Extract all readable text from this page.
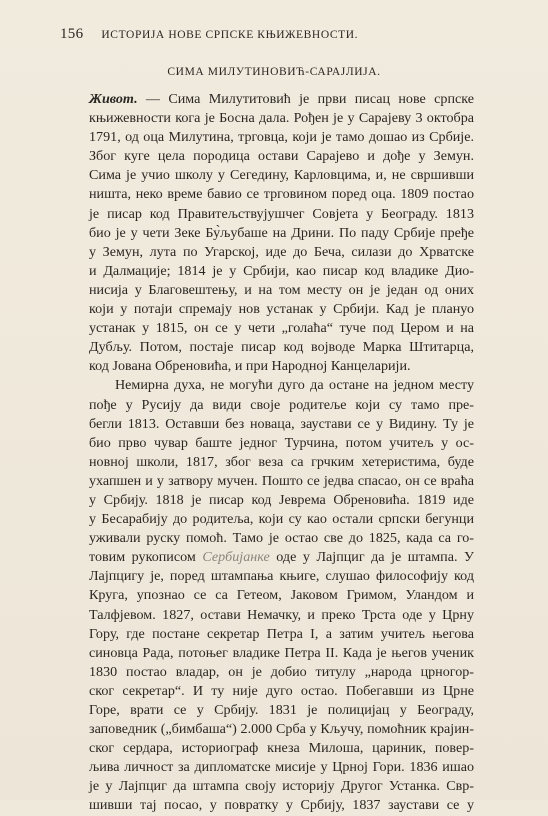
156 ИСТОРИЈА НОВЕ СРПСКЕ КЊИЖЕВНОСТИ.
СИМА МИЛУТИНОВИЋ-САРАЈЛИЈА.
Живот. — Сима Милутитовић је први писац нове српске
књижевности кога је Босна дала. Рођен је у Сарајеву 3 октобра
1791, од оца Милутина, трговца, који је тамо дошао из Србије.
Због куге цела породица остави Сарајево и дође у Земун.
Сима је учио школу у Сегедину, Карловцима, и, не свршивши
ништа, неко време бавио се трговином поред оца. 1809 постао
је писар код Правитељствујушчег Совјета у Београду. 1813
био је у чети Зеке Бу̀љубаше на Дрини. По паду Србије пређе
у Земун, лута по Угарској, иде до Беча, силази до Хрватске
и Далмације; 1814 је у Србији, као писар код владике Дио-
нисија у Благовештењу, и на том месту он је један од оних
који у потаји спремају нов устанак у Србији. Кад је плануо
устанак у 1815, он се у чети „голаћа“ туче под Цером и на
Дубљу. Потом, постаје писар код војводе Марка Штитарца,
код Јована Обреновића, и при Народној Канцеларији.
Немирна духа, не могући дуго да остане на једном месту
пође у Русију да види своје родитеље који су тамо пре-
бегли 1813. Оставши без новаца, заустави се у Видину. Ту је
био прво чувар баште једног Турчина, потом учитељ у ос-
новној школи, 1817, због веза са грчким хетеристима, буде
ухапшен и у затвору мучен. Пошто се једва спасао, он се враћа
у Србију. 1818 је писар код Јеврема Обреновића. 1819 иде
у Бесарабију до родитеља, који су као остали српски бегунци
уживали руску помоћ. Тамо је остао све до 1825, када са го-
товим рукописом Сербијанке оде у Лајпциг да је штампа. У
Лајпцигу је, поред штампања књиге, слушао философију код
Круга, упознао се са Гетеом, Јаковом Гримом, Уландом и
Талфјевом. 1827, остави Немачку, и преко Трста оде у Црну
Гору, где постане секретар Петра I, а затим учитељ његова
синовца Рада, потоњег владике Петра II. Када је његов ученик
1830 постао владар, он је добио титулу „народа црногор-
ског секретар“. И ту није дуго остао. Побегавши из Црне
Горе, врати се у Србију. 1831 је полицијац у Београду,
заповедник („бимбаша“) 2.000 Срба у Кључу, помоћник крајин-
ског сердара, историограф кнеза Милоша, цариник, повер-
љива личност за дипломатске мисије у Црној Гори. 1836 ишао
је у Лајпциг да штампа своју историју Другог Устанка. Свр-
шивши тај посао, у повратку у Србију, 1837 заустави се у
